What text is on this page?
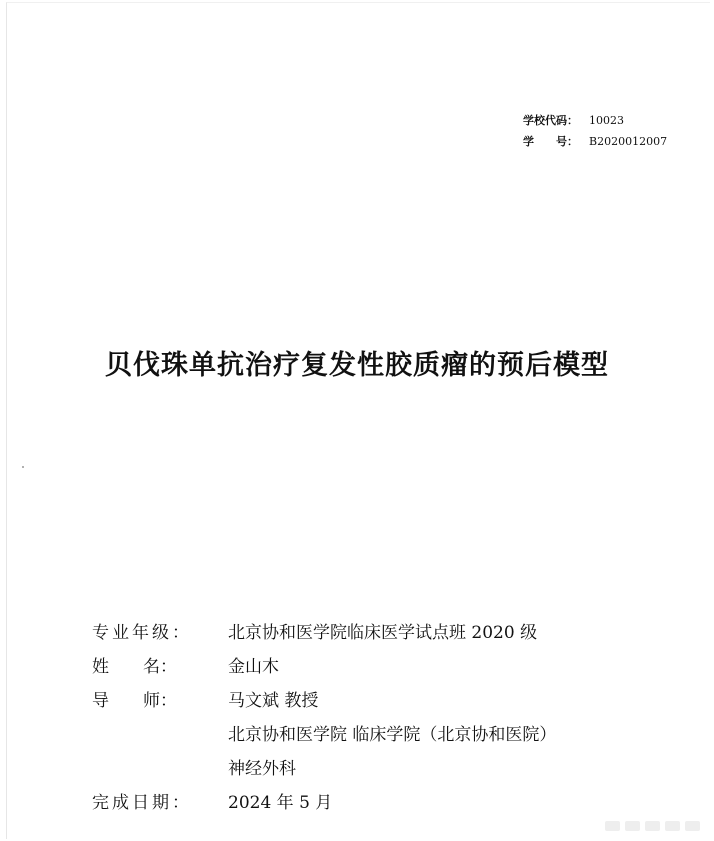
学校代码：	10023
学　　号：	B2020012007
贝伐珠单抗治疗复发性胶质瘤的预后模型
专业年级：	北京协和医学院临床医学试点班 2020 级
姓　　名：	金山木
导　　师：	马文斌 教授
北京协和医学院 临床学院（北京协和医院）
神经外科
完成日期：	2024 年 5 月
